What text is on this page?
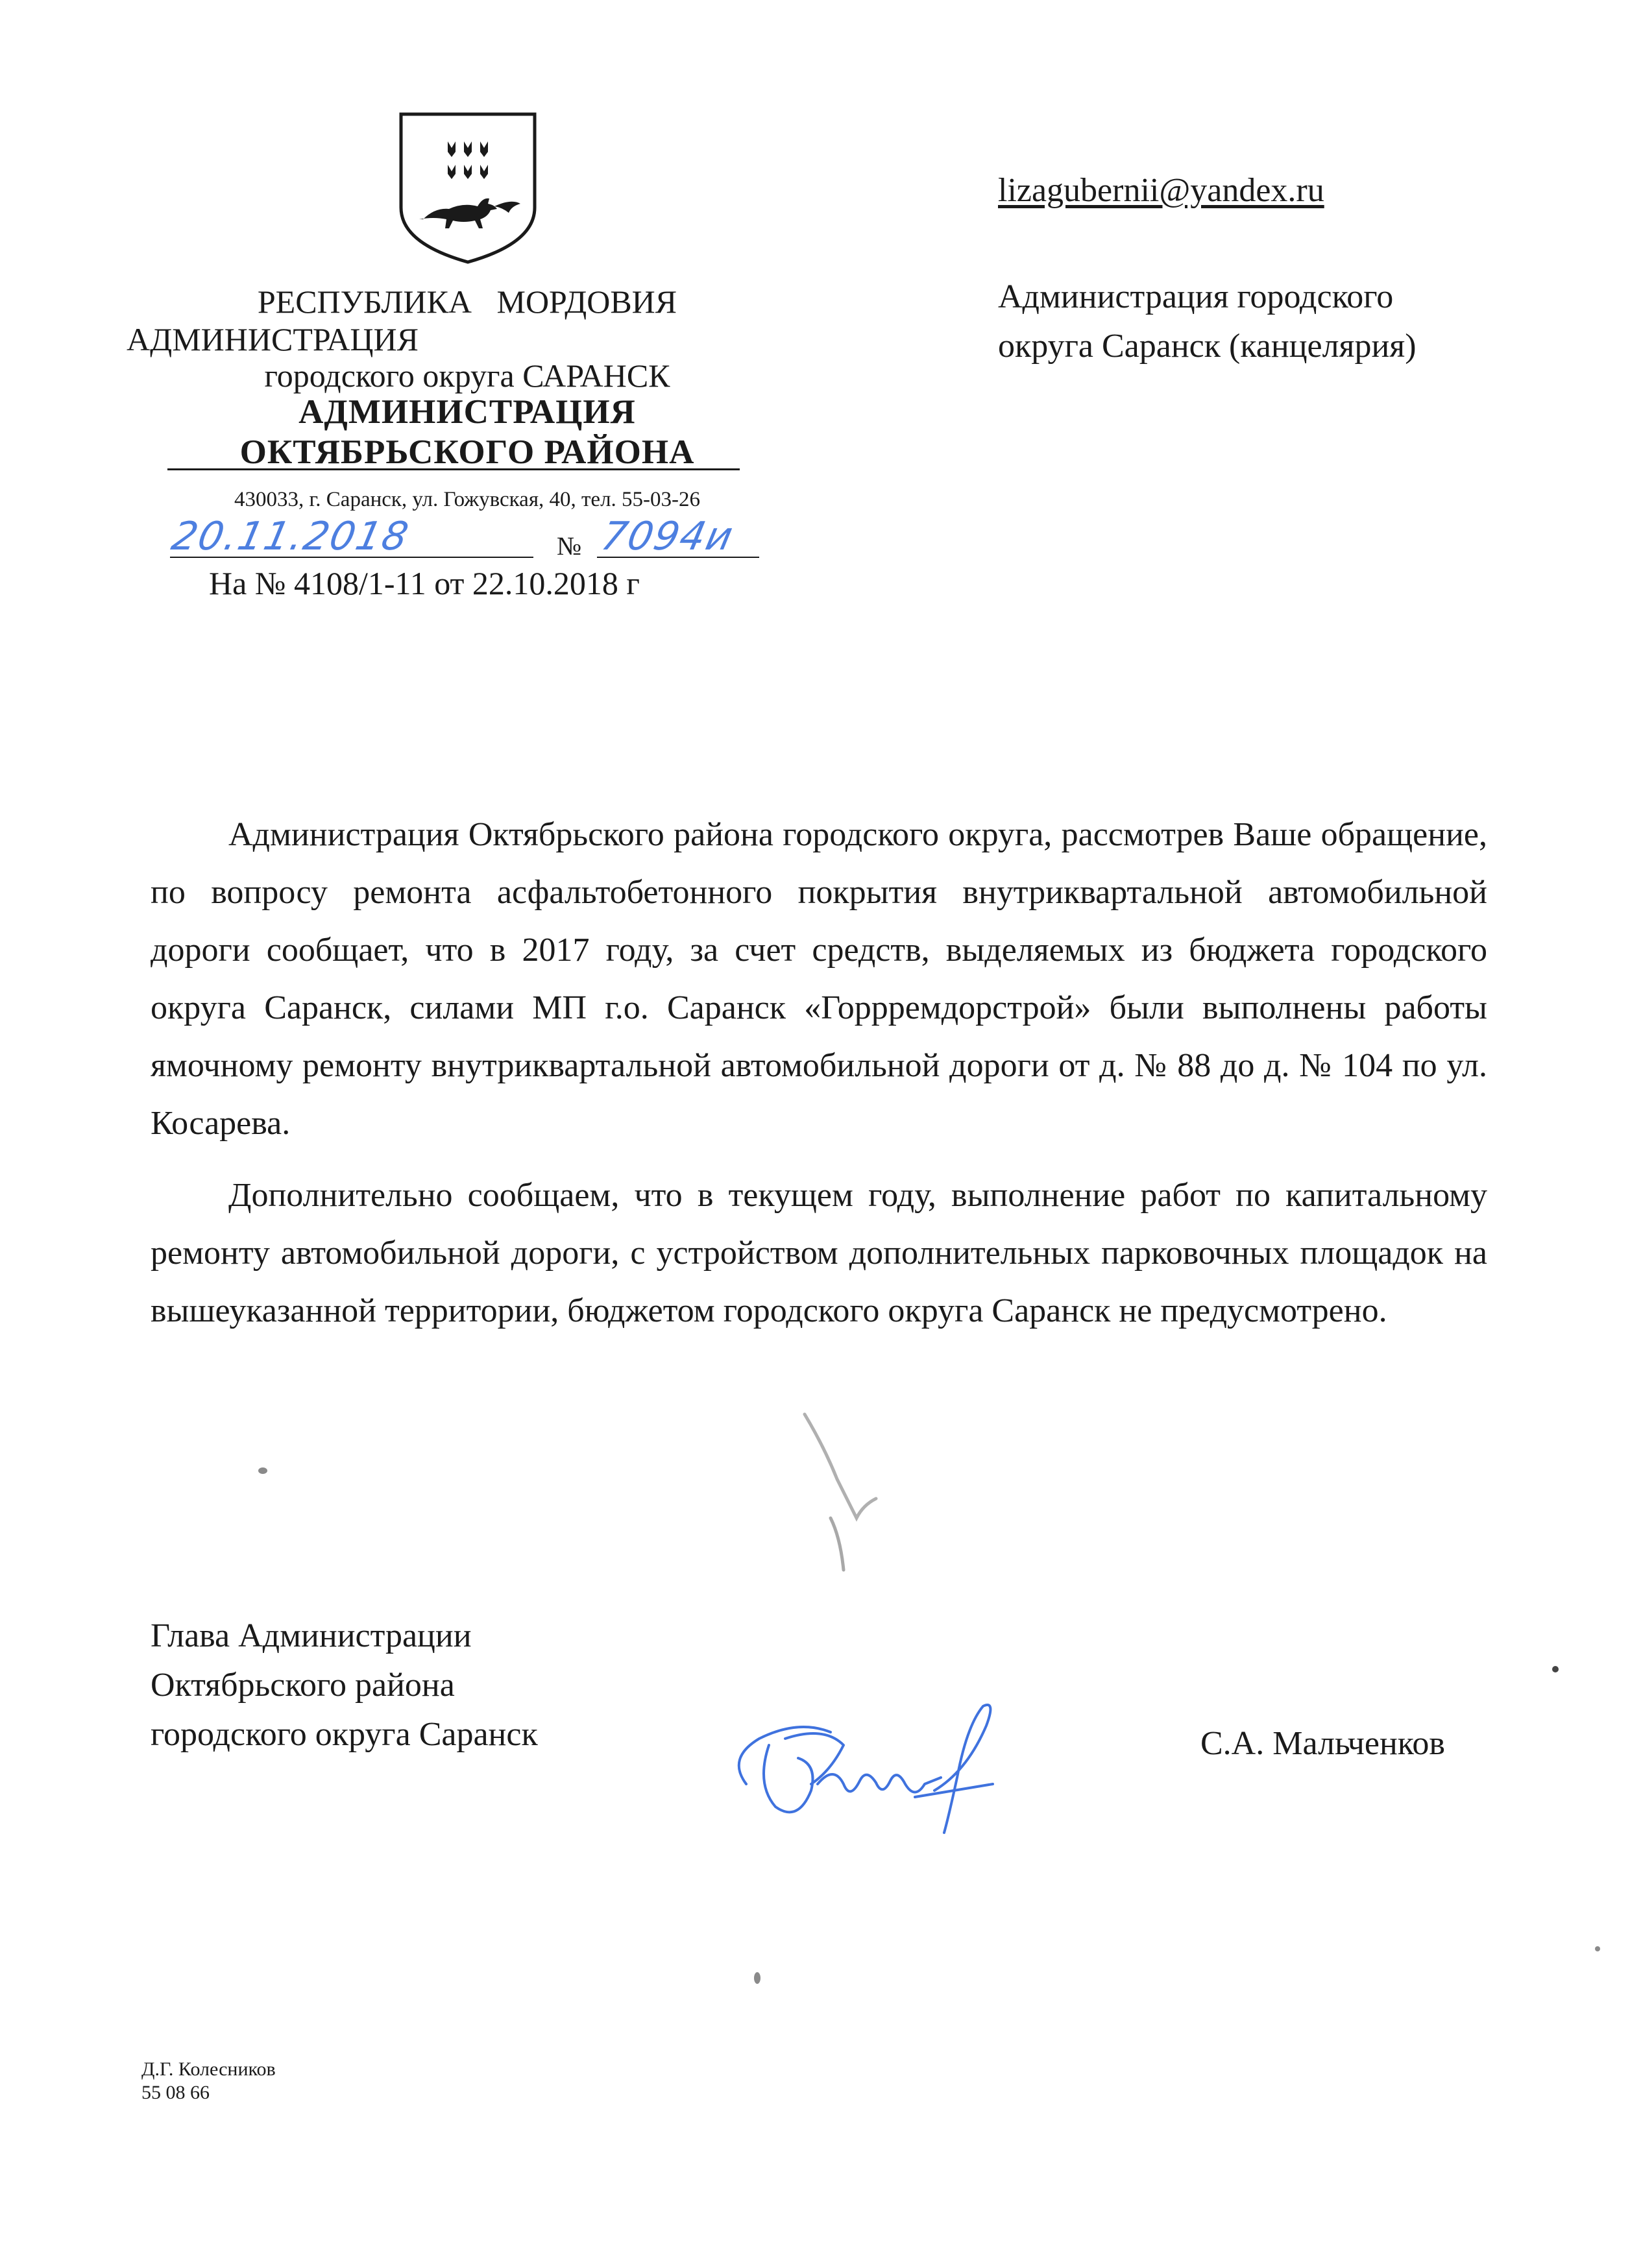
РЕСПУБЛИКА МОРДОВИЯ
АДМИНИСТРАЦИЯ
городского округа САРАНСК
АДМИНИСТРАЦИЯ
ОКТЯБРЬСКОГО РАЙОНА
430033, г. Саранск, ул. Гожувская, 40, тел. 55-03-26
20.11.2018	№ 7094и
На № 4108/1-11 от 22.10.2018 г
lizagubernii@yandex.ru
Администрация городского
округа Саранск (канцелярия)

Администрация Октябрьского района городского округа, рассмотрев Ваше обращение, по вопросу ремонта асфальтобетонного покрытия внутриквартальной автомобильной дороги сообщает, что в 2017 году, за счет средств, выделяемых из бюджета городского округа Саранск, силами МП г.о. Саранск «Горрремдорстрой» были выполнены работы ямочному ремонту внутриквартальной автомобильной дороги от д. № 88 до д. № 104 по ул. Косарева.

Дополнительно сообщаем, что в текущем году, выполнение работ по капитальному ремонту автомобильной дороги, с устройством дополнительных парковочных площадок на вышеуказанной территории, бюджетом городского округа Саранск не предусмотрено.

Глава Администрации
Октябрьского района
городского округа Саранск	С.А. Мальченков
Д.Г. Колесников
55 08 66
